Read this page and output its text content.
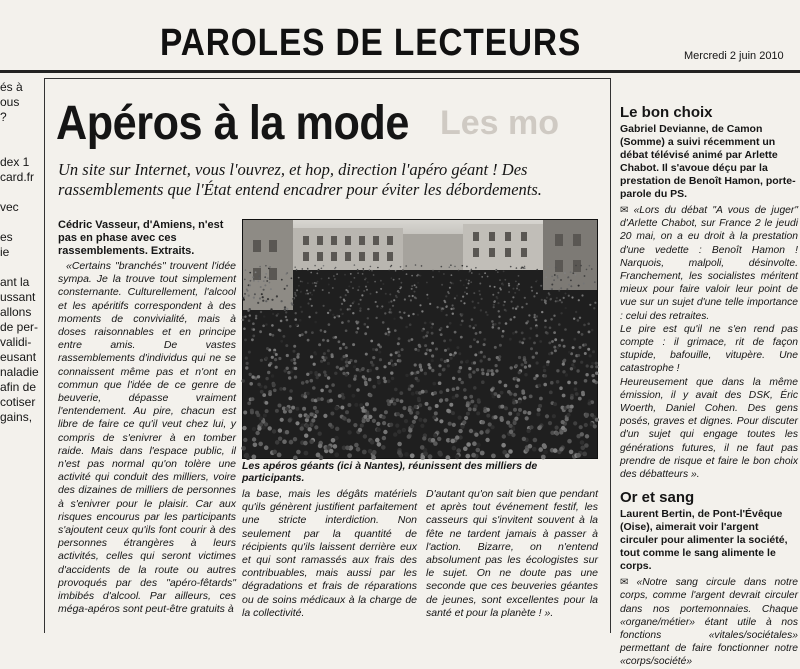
PAROLES DE LECTEURS	Mercredi 2 juin 2010
és à
ous
?

dex 1
card.fr

vec

es
ie

ant la
ussant
allons
de per-
validi-
eusant
naladie
afin de
cotiser
gains,
Les mo
Apéros à la mode
Un site sur Internet, vous l'ouvrez, et hop, direction l'apéro géant ! Des rassemblements que l'État entend encadrer pour éviter les débordements.
Cédric Vasseur, d'Amiens, n'est pas en phase avec ces rassemblements. Extraits.

«Certains "branchés" trouvent l'idée sympa. Je la trouve tout simplement consternante. Culturellement, l'alcool et les apéritifs correspondent à des moments de convivialité, mais à doses raisonnables et en principe entre amis. De vastes rassemblements d'individus qui ne se connaissent même pas et n'ont en commun que l'idée de ce genre de beuverie, dépasse vraiment l'entendement. Au pire, chacun est libre de faire ce qu'il veut chez lui, y compris de s'enivrer à en tomber raide. Mais dans l'espace public, il n'est pas normal qu'on tolère une activité qui conduit des milliers, voire des dizaines de milliers de personnes à s'enivrer pour le plaisir. Car aux risques encourus par les participants s'ajoutent ceux qu'ils font courir à des personnes étrangères à leurs activités, celles qui seront victimes d'accidents de la route ou autres provoqués par des "apéro-fêtards" imbibés d'alcool. Par ailleurs, ces méga-apéros sont peut-être gratuits à

Les apéros géants (ici à Nantes), réunissent des milliers de participants.

la base, mais les dégâts matériels qu'ils génèrent justifient parfaitement une stricte interdiction. Non seulement par la quantité de récipients qu'ils laissent derrière eux et qui sont ramassés aux frais des contribuables, mais aussi par les dégradations et frais de réparations ou de soins médicaux à la charge de la collectivité.

D'autant qu'on sait bien que pendant et après tout événement festif, les casseurs qui s'invitent souvent à la fête ne tardent jamais à passer à l'action. Bizarre, on n'entend absolument pas les écologistes sur le sujet. On ne doute pas une seconde que ces beuveries géantes de jeunes, sont excellentes pour la santé et pour la planète ! ».

Le bon choix
Gabriel Devianne, de Camon (Somme) a suivi récemment un débat télévisé animé par Arlette Chabot. Il s'avoue déçu par la prestation de Benoît Hamon, porte-parole du PS.

✉ «Lors du débat "A vous de juger" d'Arlette Chabot, sur France 2 le jeudi 20 mai, on a eu droit à la prestation d'une vedette : Benoît Hamon ! Narquois, malpoli, désinvolte. Franchement, les socialistes méritent mieux pour faire valoir leur point de vue sur un sujet d'une telle importance : celui des retraites.

Le pire est qu'il ne s'en rend pas compte : il grimace, rit de façon stupide, bafouille, vitupère. Une catastrophe !

Heureusement que dans la même émission, il y avait des DSK, Éric Woerth, Daniel Cohen. Des gens posés, graves et dignes. Pour discuter d'un sujet qui engage toutes les générations futures, il ne faut pas prendre de risque et faire le bon choix des débatteurs ».

Or et sang
Laurent Bertin, de Pont-l'Évêque (Oise), aimerait voir l'argent circuler pour alimenter la société, tout comme le sang alimente le corps.

✉ «Notre sang circule dans notre corps, comme l'argent devrait circuler dans nos portemonnaies. Chaque «organe/métier» étant utile à nos fonctions «vitales/sociétales» permettant de faire fonctionner notre «corps/société»
